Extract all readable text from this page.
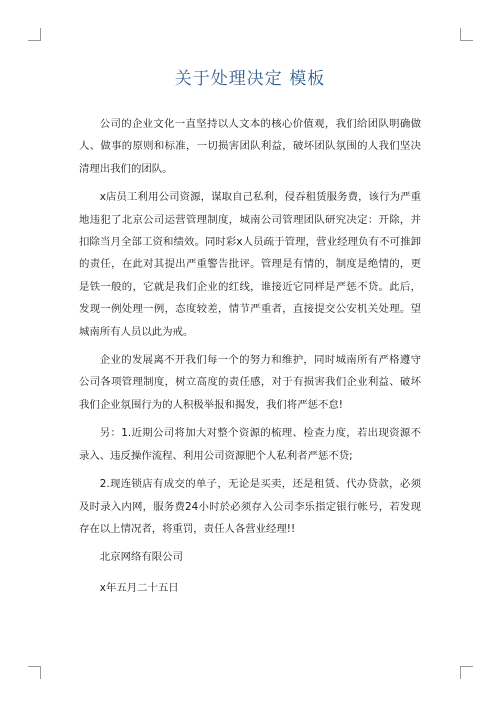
关于处理决定 模板

公司的企业文化一直坚持以人文本的核心价值观，我们给团队明确做人、做事的原则和标准，一切损害团队利益，破坏团队氛围的人我们坚决清理出我们的团队。

x店员工利用公司资源，谋取自己私利，侵吞租赁服务费，该行为严重地违犯了北京公司运营管理制度，城南公司管理团队研究决定：开除，并扣除当月全部工资和绩效。同时彩x人员疏于管理，营业经理负有不可推卸的责任，在此对其提出严重警告批评。管理是有情的，制度是绝情的，更是铁一般的，它就是我们企业的红线，谁接近它同样是严惩不贷。此后，发现一例处理一例，态度较差，情节严重者，直接提交公安机关处理。望城南所有人员以此为戒。

企业的发展离不开我们每一个的努力和维护，同时城南所有严格遵守公司各项管理制度，树立高度的责任感，对于有损害我们企业利益、破坏我们企业氛围行为的人积极举报和揭发，我们将严惩不怠!

另：1.近期公司将加大对整个资源的梳理、检查力度，若出现资源不录入、违反操作流程、利用公司资源肥个人私利者严惩不贷;

2.现连锁店有成交的单子，无论是买卖，还是租赁、代办贷款，必须及时录入内网，服务费24小时於必须存入公司李乐指定银行帐号，若发现存在以上情况者，将重罚，责任人各营业经理!!

北京网络有限公司

x年五月二十五日
